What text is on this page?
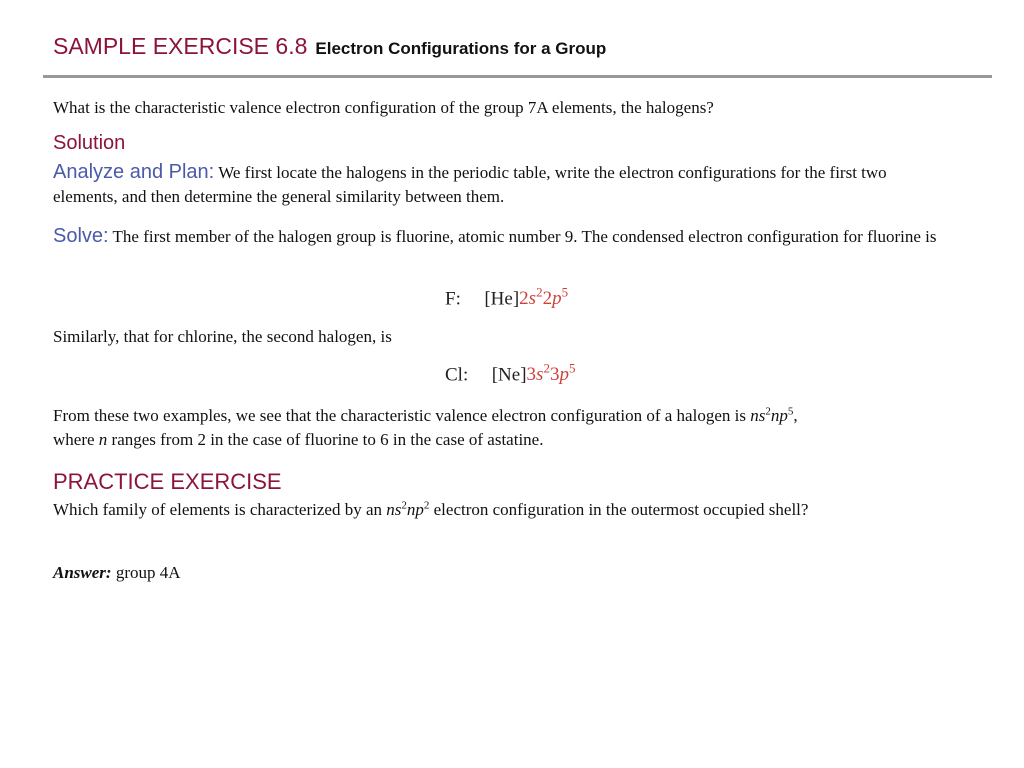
SAMPLE EXERCISE 6.8 Electron Configurations for a Group
What is the characteristic valence electron configuration of the group 7A elements, the halogens?
Solution
Analyze and Plan: We first locate the halogens in the periodic table, write the electron configurations for the first two elements, and then determine the general similarity between them.
Solve: The first member of the halogen group is fluorine, atomic number 9. The condensed electron configuration for fluorine is
F: $[He]2s^22p^5$
Similarly, that for chlorine, the second halogen, is
Cl: $[Ne]3s^23p^5$
From these two examples, we see that the characteristic valence electron configuration of a halogen is $ns^2np^5$,
where n ranges from 2 in the case of fluorine to 6 in the case of astatine.
PRACTICE EXERCISE
Which family of elements is characterized by an $ns^2np^2$ electron configuration in the outermost occupied shell?
Answer: group 4A
